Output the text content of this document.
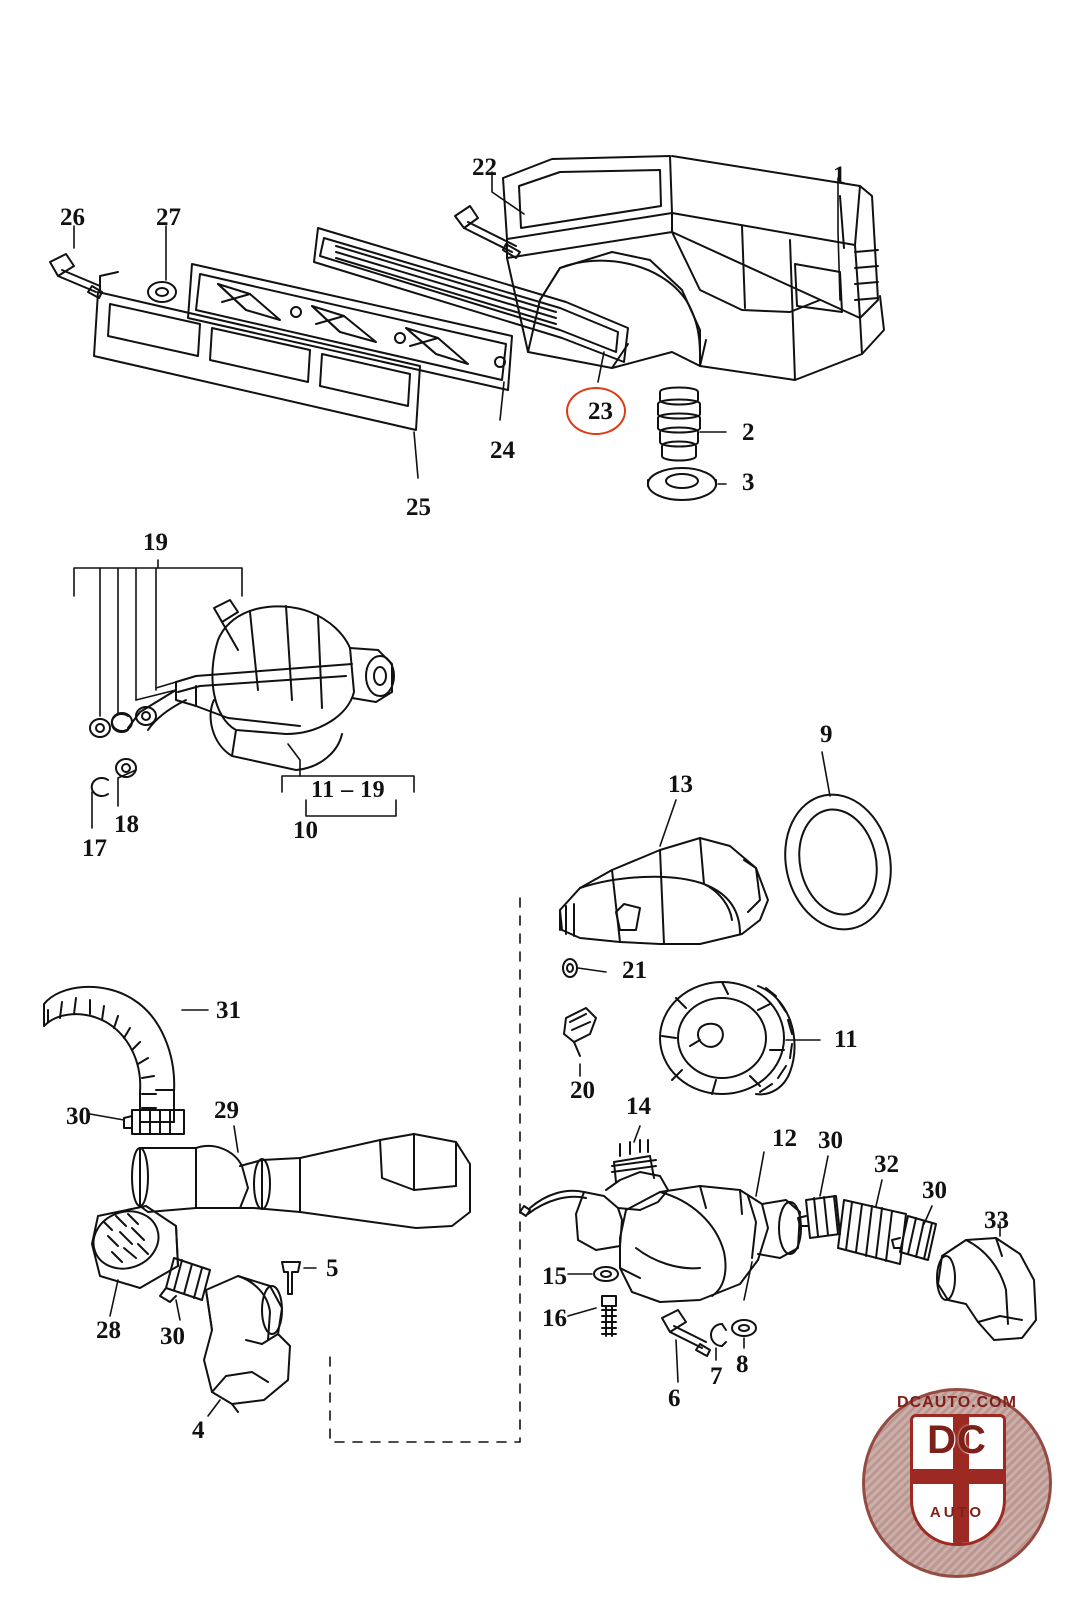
1
22
26	27
23
24
25
2
3
19
11 – 19
10
18
17
13
9
21
20
11
31
30	29
28 30
5
4
14
12 30
32
30
33
15
16
6
7 8
DCAUTO.COM
DC
AUTO
